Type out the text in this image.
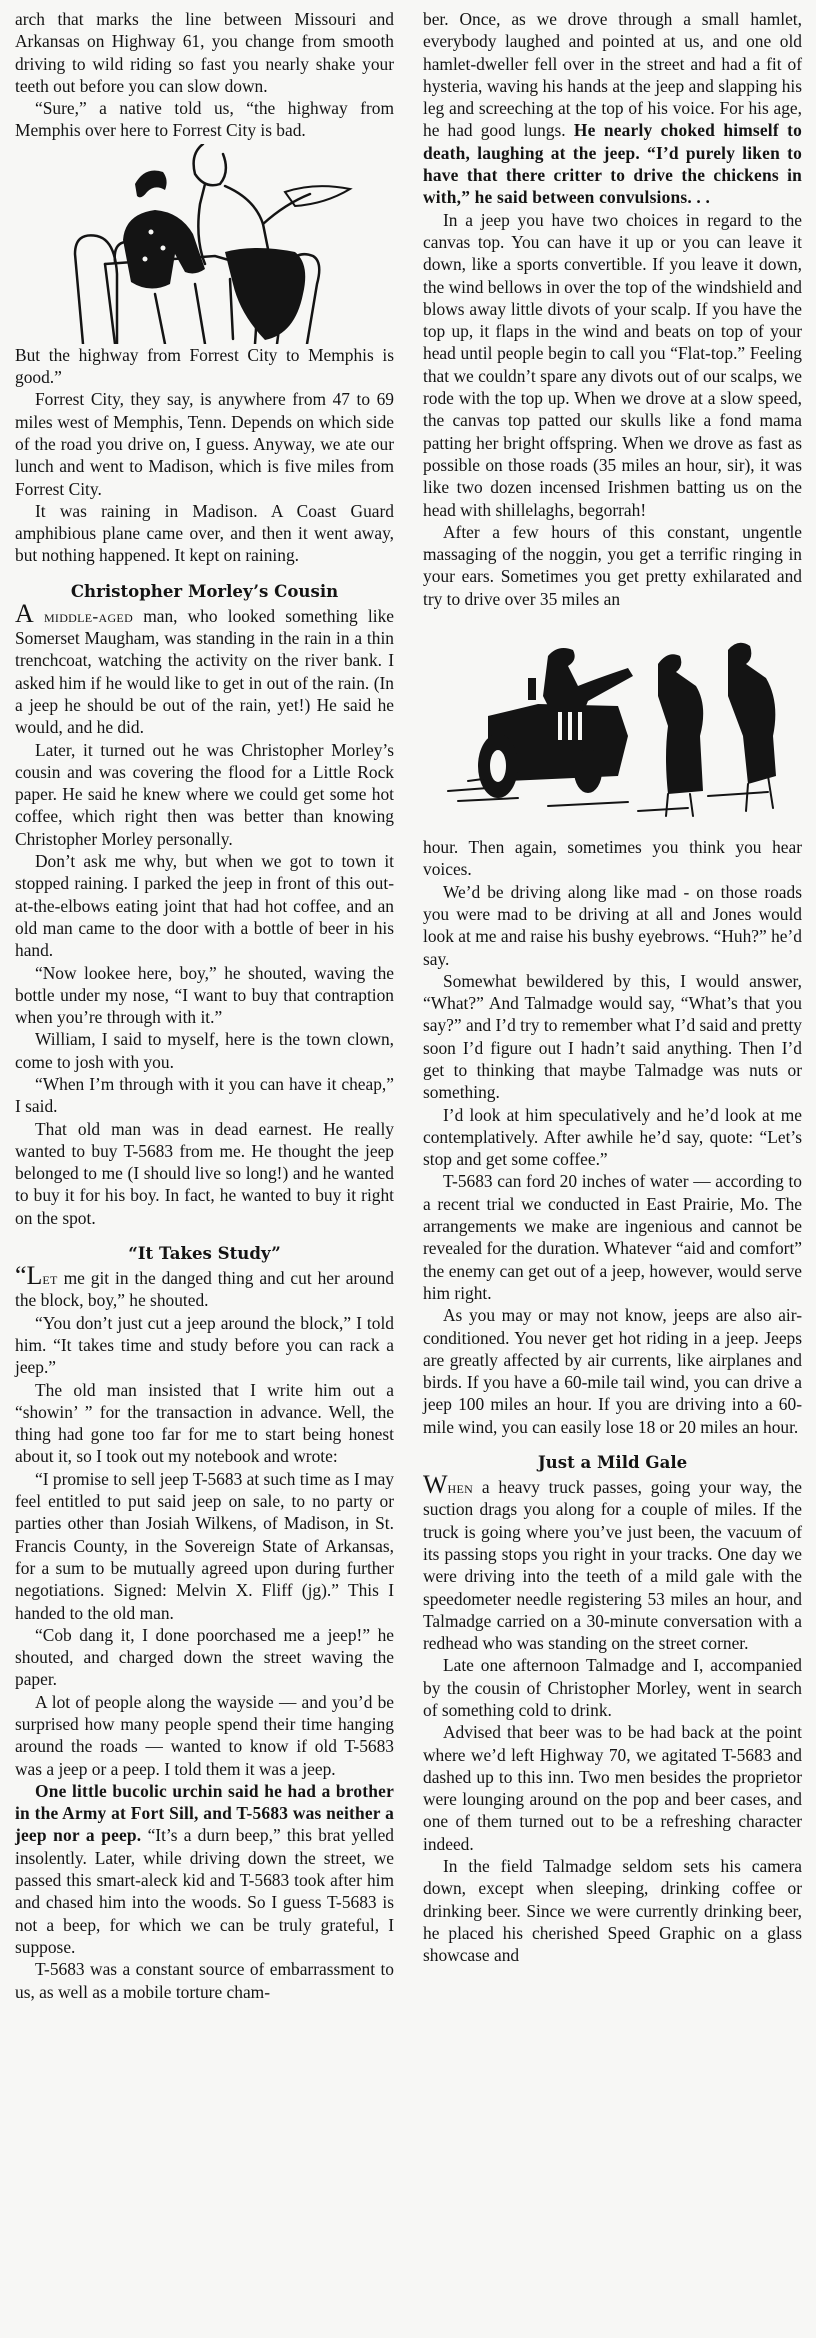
arch that marks the line between Missouri and Arkansas on Highway 61, you change from smooth driving to wild riding so fast you nearly shake your teeth out before you can slow down.

“Sure,” a native told us, “the highway from Memphis over here to Forrest City is bad.

But the highway from Forrest City to Memphis is good.”

Forrest City, they say, is anywhere from 47 to 69 miles west of Memphis, Tenn. Depends on which side of the road you drive on, I guess. Anyway, we ate our lunch and went to Madison, which is five miles from Forrest City.

It was raining in Madison. A Coast Guard amphibious plane came over, and then it went away, but nothing happened. It kept on raining.

Christopher Morley’s Cousin

A middle-aged man, who looked something like Somerset Maugham, was standing in the rain in a thin trenchcoat, watching the activity on the river bank. I asked him if he would like to get in out of the rain. (In a jeep he should be out of the rain, yet!) He said he would, and he did.

Later, it turned out he was Christopher Morley’s cousin and was covering the flood for a Little Rock paper. He said he knew where we could get some hot coffee, which right then was better than knowing Christopher Morley personally.

Don’t ask me why, but when we got to town it stopped raining. I parked the jeep in front of this out-at-the-elbows eating joint that had hot coffee, and an old man came to the door with a bottle of beer in his hand.

“Now lookee here, boy,” he shouted, waving the bottle under my nose, “I want to buy that contraption when you’re through with it.”

William, I said to myself, here is the town clown, come to josh with you.

“When I’m through with it you can have it cheap,” I said.

That old man was in dead earnest. He really wanted to buy T-5683 from me. He thought the jeep belonged to me (I should live so long!) and he wanted to buy it for his boy. In fact, he wanted to buy it right on the spot.

“It Takes Study”

“Let me git in the danged thing and cut her around the block, boy,” he shouted.

“You don’t just cut a jeep around the block,” I told him. “It takes time and study before you can rack a jeep.”

The old man insisted that I write him out a “showin’ ” for the transaction in advance. Well, the thing had gone too far for me to start being honest about it, so I took out my notebook and wrote:

“I promise to sell jeep T-5683 at such time as I may feel entitled to put said jeep on sale, to no party or parties other than Josiah Wilkens, of Madison, in St. Francis County, in the Sovereign State of Arkansas, for a sum to be mutually agreed upon during further negotiations. Signed: Melvin X. Fliff (jg).” This I handed to the old man.

“Cob dang it, I done poorchased me a jeep!” he shouted, and charged down the street waving the paper.

A lot of people along the wayside — and you’d be surprised how many people spend their time hanging around the roads — wanted to know if old T-5683 was a jeep or a peep. I told them it was a jeep.

One little bucolic urchin said he had a brother in the Army at Fort Sill, and T-5683 was neither a jeep nor a peep. “It’s a durn beep,” this brat yelled insolently. Later, while driving down the street, we passed this smart-aleck kid and T-5683 took after him and chased him into the woods. So I guess T-5683 is not a beep, for which we can be truly grateful, I suppose.

T-5683 was a constant source of embarrassment to us, as well as a mobile torture cham-

ber. Once, as we drove through a small hamlet, everybody laughed and pointed at us, and one old hamlet-dweller fell over in the street and had a fit of hysteria, waving his hands at the jeep and slapping his leg and screeching at the top of his voice. For his age, he had good lungs. He nearly choked himself to death, laughing at the jeep. “I’d purely liken to have that there critter to drive the chickens in with,” he said between convulsions. . .

In a jeep you have two choices in regard to the canvas top. You can have it up or you can leave it down, like a sports convertible. If you leave it down, the wind bellows in over the top of the windshield and blows away little divots of your scalp. If you have the top up, it flaps in the wind and beats on top of your head until people begin to call you “Flat-top.” Feeling that we couldn’t spare any divots out of our scalps, we rode with the top up. When we drove at a slow speed, the canvas top patted our skulls like a fond mama patting her bright offspring. When we drove as fast as possible on those roads (35 miles an hour, sir), it was like two dozen incensed Irishmen batting us on the head with shillelaghs, begorrah!

After a few hours of this constant, ungentle massaging of the noggin, you get a terrific ringing in your ears. Sometimes you get pretty exhilarated and try to drive over 35 miles an

hour. Then again, sometimes you think you hear voices.

We’d be driving along like mad - on those roads you were mad to be driving at all and Jones would look at me and raise his bushy eyebrows. “Huh?” he’d say.

Somewhat bewildered by this, I would answer, “What?” And Talmadge would say, “What’s that you say?” and I’d try to remember what I’d said and pretty soon I’d figure out I hadn’t said anything. Then I’d get to thinking that maybe Talmadge was nuts or something.

I’d look at him speculatively and he’d look at me contemplatively. After awhile he’d say, quote: “Let’s stop and get some coffee.”

T-5683 can ford 20 inches of water — according to a recent trial we conducted in East Prairie, Mo. The arrangements we make are ingenious and cannot be revealed for the duration. Whatever “aid and comfort” the enemy can get out of a jeep, however, would serve him right.

As you may or may not know, jeeps are also air-conditioned. You never get hot riding in a jeep. Jeeps are greatly affected by air currents, like airplanes and birds. If you have a 60-mile tail wind, you can drive a jeep 100 miles an hour. If you are driving into a 60-mile wind, you can easily lose 18 or 20 miles an hour.

Just a Mild Gale

When a heavy truck passes, going your way, the suction drags you along for a couple of miles. If the truck is going where you’ve just been, the vacuum of its passing stops you right in your tracks. One day we were driving into the teeth of a mild gale with the speedometer needle registering 53 miles an hour, and Talmadge carried on a 30-minute conversation with a redhead who was standing on the street corner.

Late one afternoon Talmadge and I, accompanied by the cousin of Christopher Morley, went in search of something cold to drink.

Advised that beer was to be had back at the point where we’d left Highway 70, we agitated T-5683 and dashed up to this inn. Two men besides the proprietor were lounging around on the pop and beer cases, and one of them turned out to be a refreshing character indeed.

In the field Talmadge seldom sets his camera down, except when sleeping, drinking coffee or drinking beer. Since we were currently drinking beer, he placed his cherished Speed Graphic on a glass showcase and
